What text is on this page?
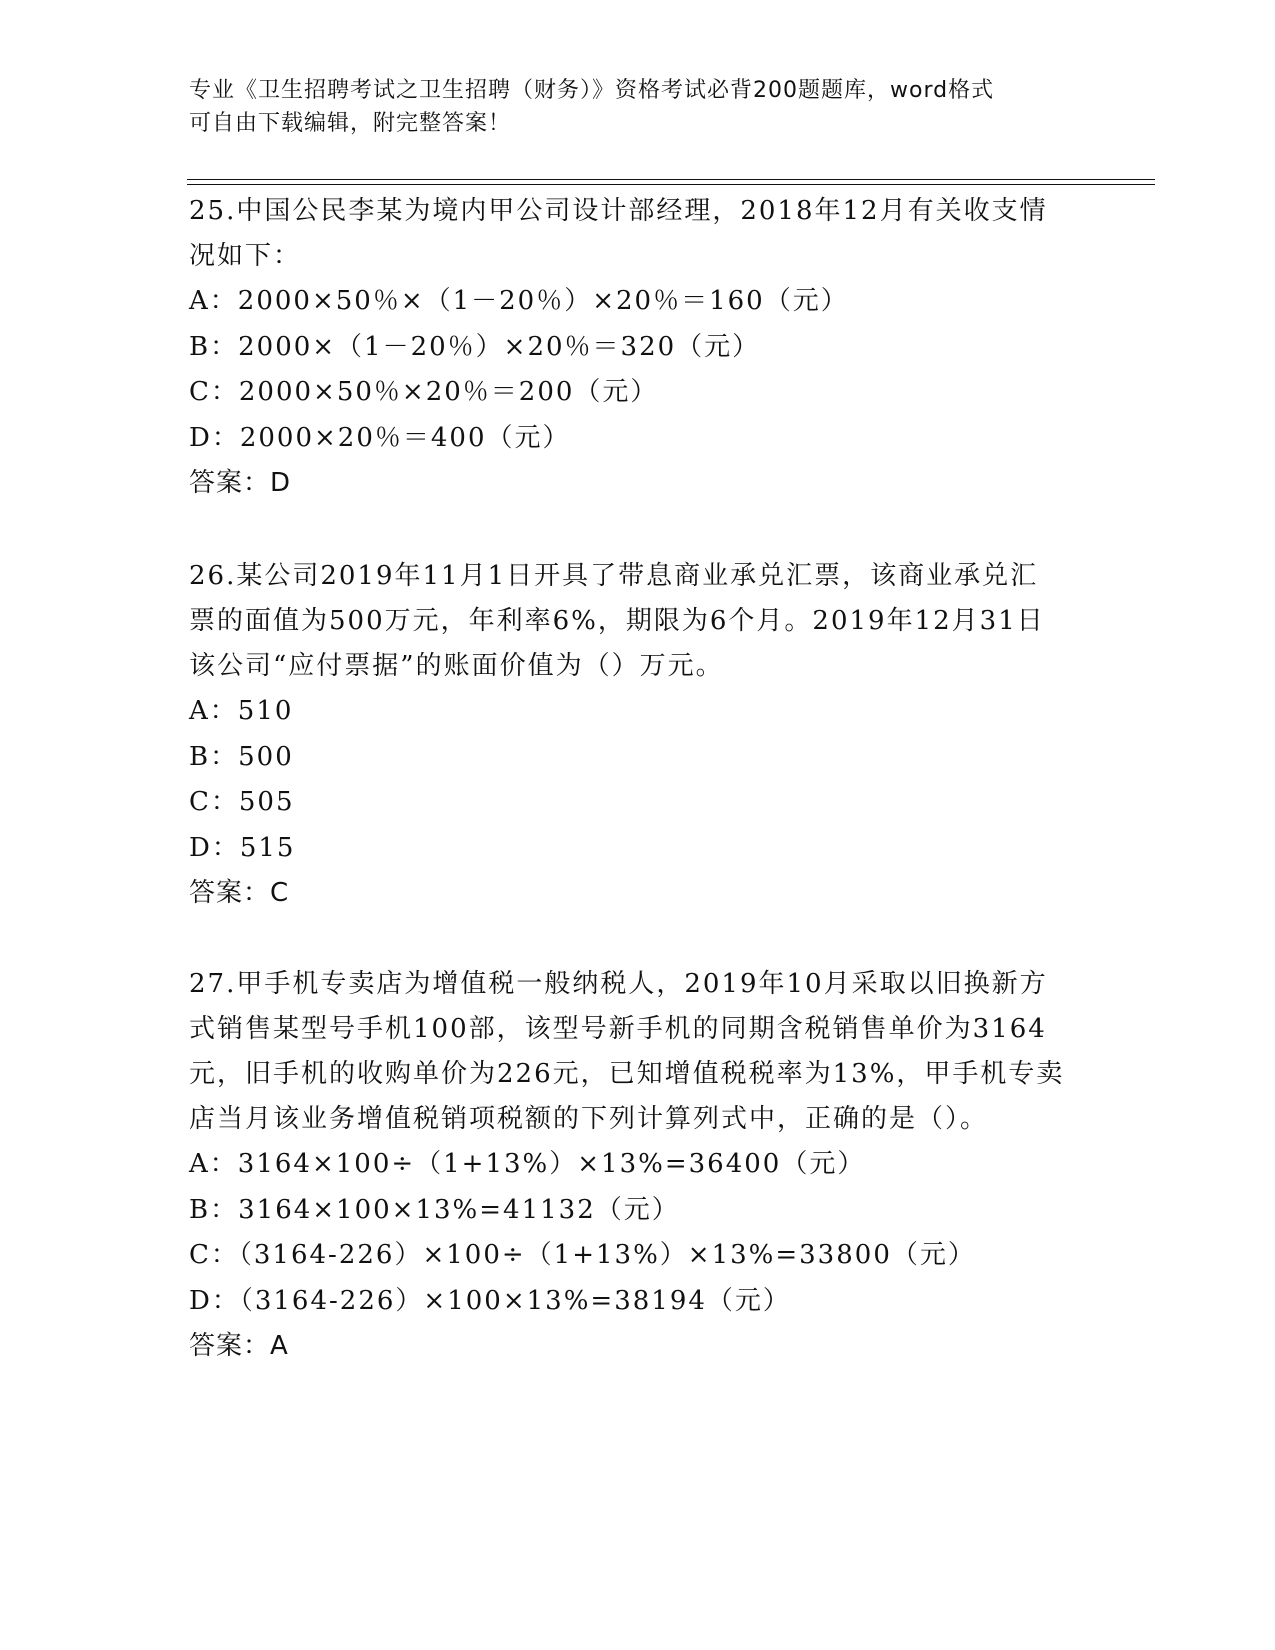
专业《卫生招聘考试之卫生招聘（财务）》资格考试必背200题题库，word格式
可自由下载编辑，附完整答案！
25.中国公民李某为境内甲公司设计部经理，2018年12月有关收支情
况如下：
A：2000×50％×（1－20％）×20％＝160（元）
B：2000×（1－20％）×20％＝320（元）
C：2000×50％×20％＝200（元）
D：2000×20％＝400（元）
答案：D
26.某公司2019年11月1日开具了带息商业承兑汇票，该商业承兑汇
票的面值为500万元，年利率6%，期限为6个月。2019年12月31日
该公司“应付票据”的账面价值为（）万元。
A：510
B：500
C：505
D：515
答案：C
27.甲手机专卖店为增值税一般纳税人，2019年10月采取以旧换新方
式销售某型号手机100部，该型号新手机的同期含税销售单价为3164
元，旧手机的收购单价为226元，已知增值税税率为13%，甲手机专卖
店当月该业务增值税销项税额的下列计算列式中，正确的是（）。
A：3164×100÷（1+13%）×13%=36400（元）
B：3164×100×13%=41132（元）
C：（3164-226）×100÷（1+13%）×13%=33800（元）
D：（3164-226）×100×13%=38194（元）
答案：A
